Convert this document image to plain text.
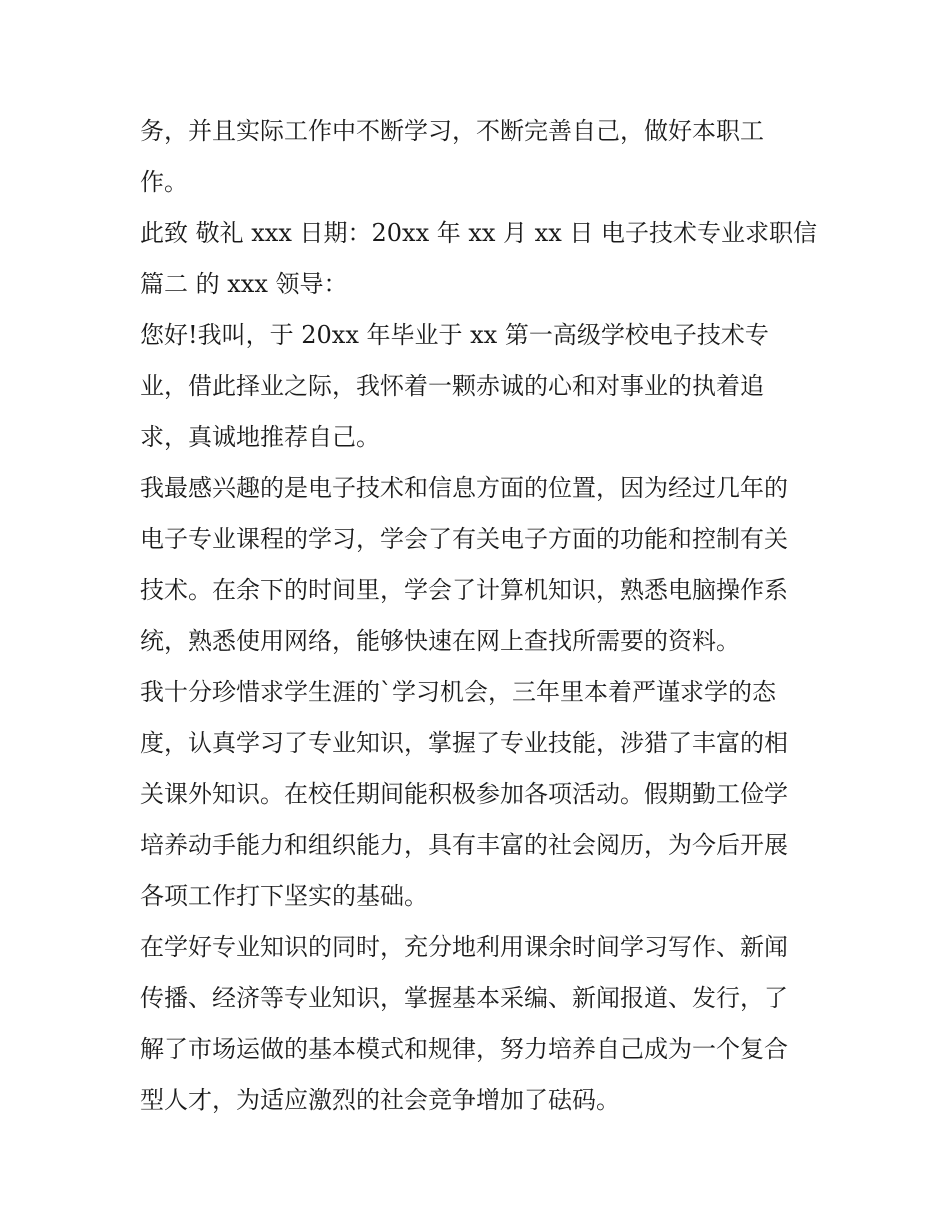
务，并且实际工作中不断学习，不断完善自己，做好本职工
作。

此致 敬礼 xxx 日期：20xx 年 xx 月 xx 日 电子技术专业求职信
篇二 的 xxx 领导：

您好!我叫，于 20xx 年毕业于 xx 第一高级学校电子技术专
业，借此择业之际，我怀着一颗赤诚的心和对事业的执着追
求，真诚地推荐自己。

我最感兴趣的是电子技术和信息方面的位置，因为经过几年的
电子专业课程的学习，学会了有关电子方面的功能和控制有关
技术。在余下的时间里，学会了计算机知识，熟悉电脑操作系
统，熟悉使用网络，能够快速在网上查找所需要的资料。

我十分珍惜求学生涯的`学习机会，三年里本着严谨求学的态
度，认真学习了专业知识，掌握了专业技能，涉猎了丰富的相
关课外知识。在校任期间能积极参加各项活动。假期勤工俭学
培养动手能力和组织能力，具有丰富的社会阅历，为今后开展
各项工作打下坚实的基础。

在学好专业知识的同时，充分地利用课余时间学习写作、新闻
传播、经济等专业知识，掌握基本采编、新闻报道、发行，了
解了市场运做的基本模式和规律，努力培养自己成为一个复合
型人才，为适应激烈的社会竞争增加了砝码。
